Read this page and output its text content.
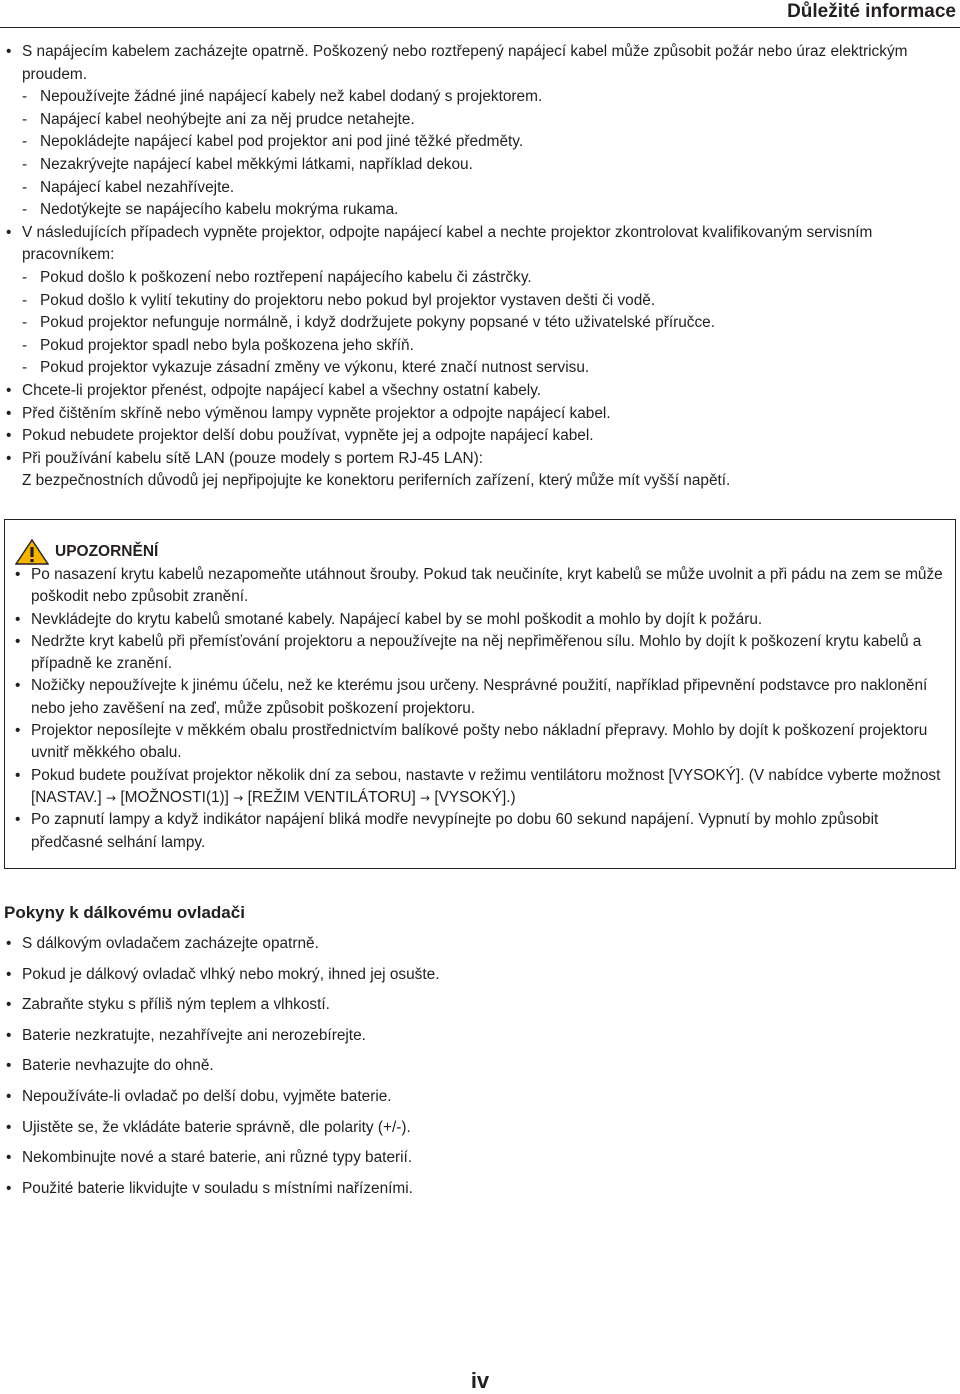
Důležité informace
• S napájecím kabelem zacházejte opatrně. Poškozený nebo roztřepený napájecí kabel může způsobit požár nebo úraz elektrickým proudem.
- Nepoužívejte žádné jiné napájecí kabely než kabel dodaný s projektorem.
- Napájecí kabel neohýbejte ani za něj prudce netahejte.
- Nepokládejte napájecí kabel pod projektor ani pod jiné těžké předměty.
- Nezakrývejte napájecí kabel měkkými látkami, například dekou.
- Napájecí kabel nezahřívejte.
- Nedotýkejte se napájecího kabelu mokrýma rukama.
• V následujících případech vypněte projektor, odpojte napájecí kabel a nechte projektor zkontrolovat kvalifikovaným servisním pracovníkem:
- Pokud došlo k poškození nebo roztřepení napájecího kabelu či zástrčky.
- Pokud došlo k vylití tekutiny do projektoru nebo pokud byl projektor vystaven dešti či vodě.
- Pokud projektor nefunguje normálně, i když dodržujete pokyny popsané v této uživatelské příručce.
- Pokud projektor spadl nebo byla poškozena jeho skříň.
- Pokud projektor vykazuje zásadní změny ve výkonu, které značí nutnost servisu.
• Chcete-li projektor přenést, odpojte napájecí kabel a všechny ostatní kabely.
• Před čištěním skříně nebo výměnou lampy vypněte projektor a odpojte napájecí kabel.
• Pokud nebudete projektor delší dobu používat, vypněte jej a odpojte napájecí kabel.
• Při používání kabelu sítě LAN (pouze modely s portem RJ-45 LAN):
Z bezpečnostních důvodů jej nepřipojujte ke konektoru periferních zařízení, který může mít vyšší napětí.
UPOZORNĚNÍ
• Po nasazení krytu kabelů nezapomeňte utáhnout šrouby. Pokud tak neučiníte, kryt kabelů se může uvolnit a při pádu na zem se může poškodit nebo způsobit zranění.
• Nevkládejte do krytu kabelů smotané kabely. Napájecí kabel by se mohl poškodit a mohlo by dojít k požáru.
• Nedržte kryt kabelů při přemísťování projektoru a nepoužívejte na něj nepřiměřenou sílu. Mohlo by dojít k poškození krytu kabelů a případně ke zranění.
• Nožičky nepoužívejte k jinému účelu, než ke kterému jsou určeny. Nesprávné použití, například připevnění podstavce pro naklonění nebo jeho zavěšení na zeď, může způsobit poškození projektoru.
• Projektor neposílejte v měkkém obalu prostřednictvím balíkové pošty nebo nákladní přepravy. Mohlo by dojít k poškození projektoru uvnitř měkkého obalu.
• Pokud budete používat projektor několik dní za sebou, nastavte v režimu ventilátoru možnost [VYSOKÝ]. (V nabídce vyberte možnost [NASTAV.] → [MOŽNOSTI(1)] → [REŽIM VENTILÁTORU] → [VYSOKÝ].)
• Po zapnutí lampy a když indikátor napájení bliká modře nevypínejte po dobu 60 sekund napájení. Vypnutí by mohlo způsobit předčasné selhání lampy.
Pokyny k dálkovému ovladači
• S dálkovým ovladačem zacházejte opatrně.
• Pokud je dálkový ovladač vlhký nebo mokrý, ihned jej osušte.
• Zabraňte styku s příliš ným teplem a vlhkostí.
• Baterie nezkratujte, nezahřívejte ani nerozebírejte.
• Baterie nevhazujte do ohně.
• Nepoužíváte-li ovladač po delší dobu, vyjměte baterie.
• Ujistěte se, že vkládáte baterie správně, dle polarity (+/-).
• Nekombinujte nové a staré baterie, ani různé typy baterií.
• Použité baterie likvidujte v souladu s místními nařízeními.
iv
